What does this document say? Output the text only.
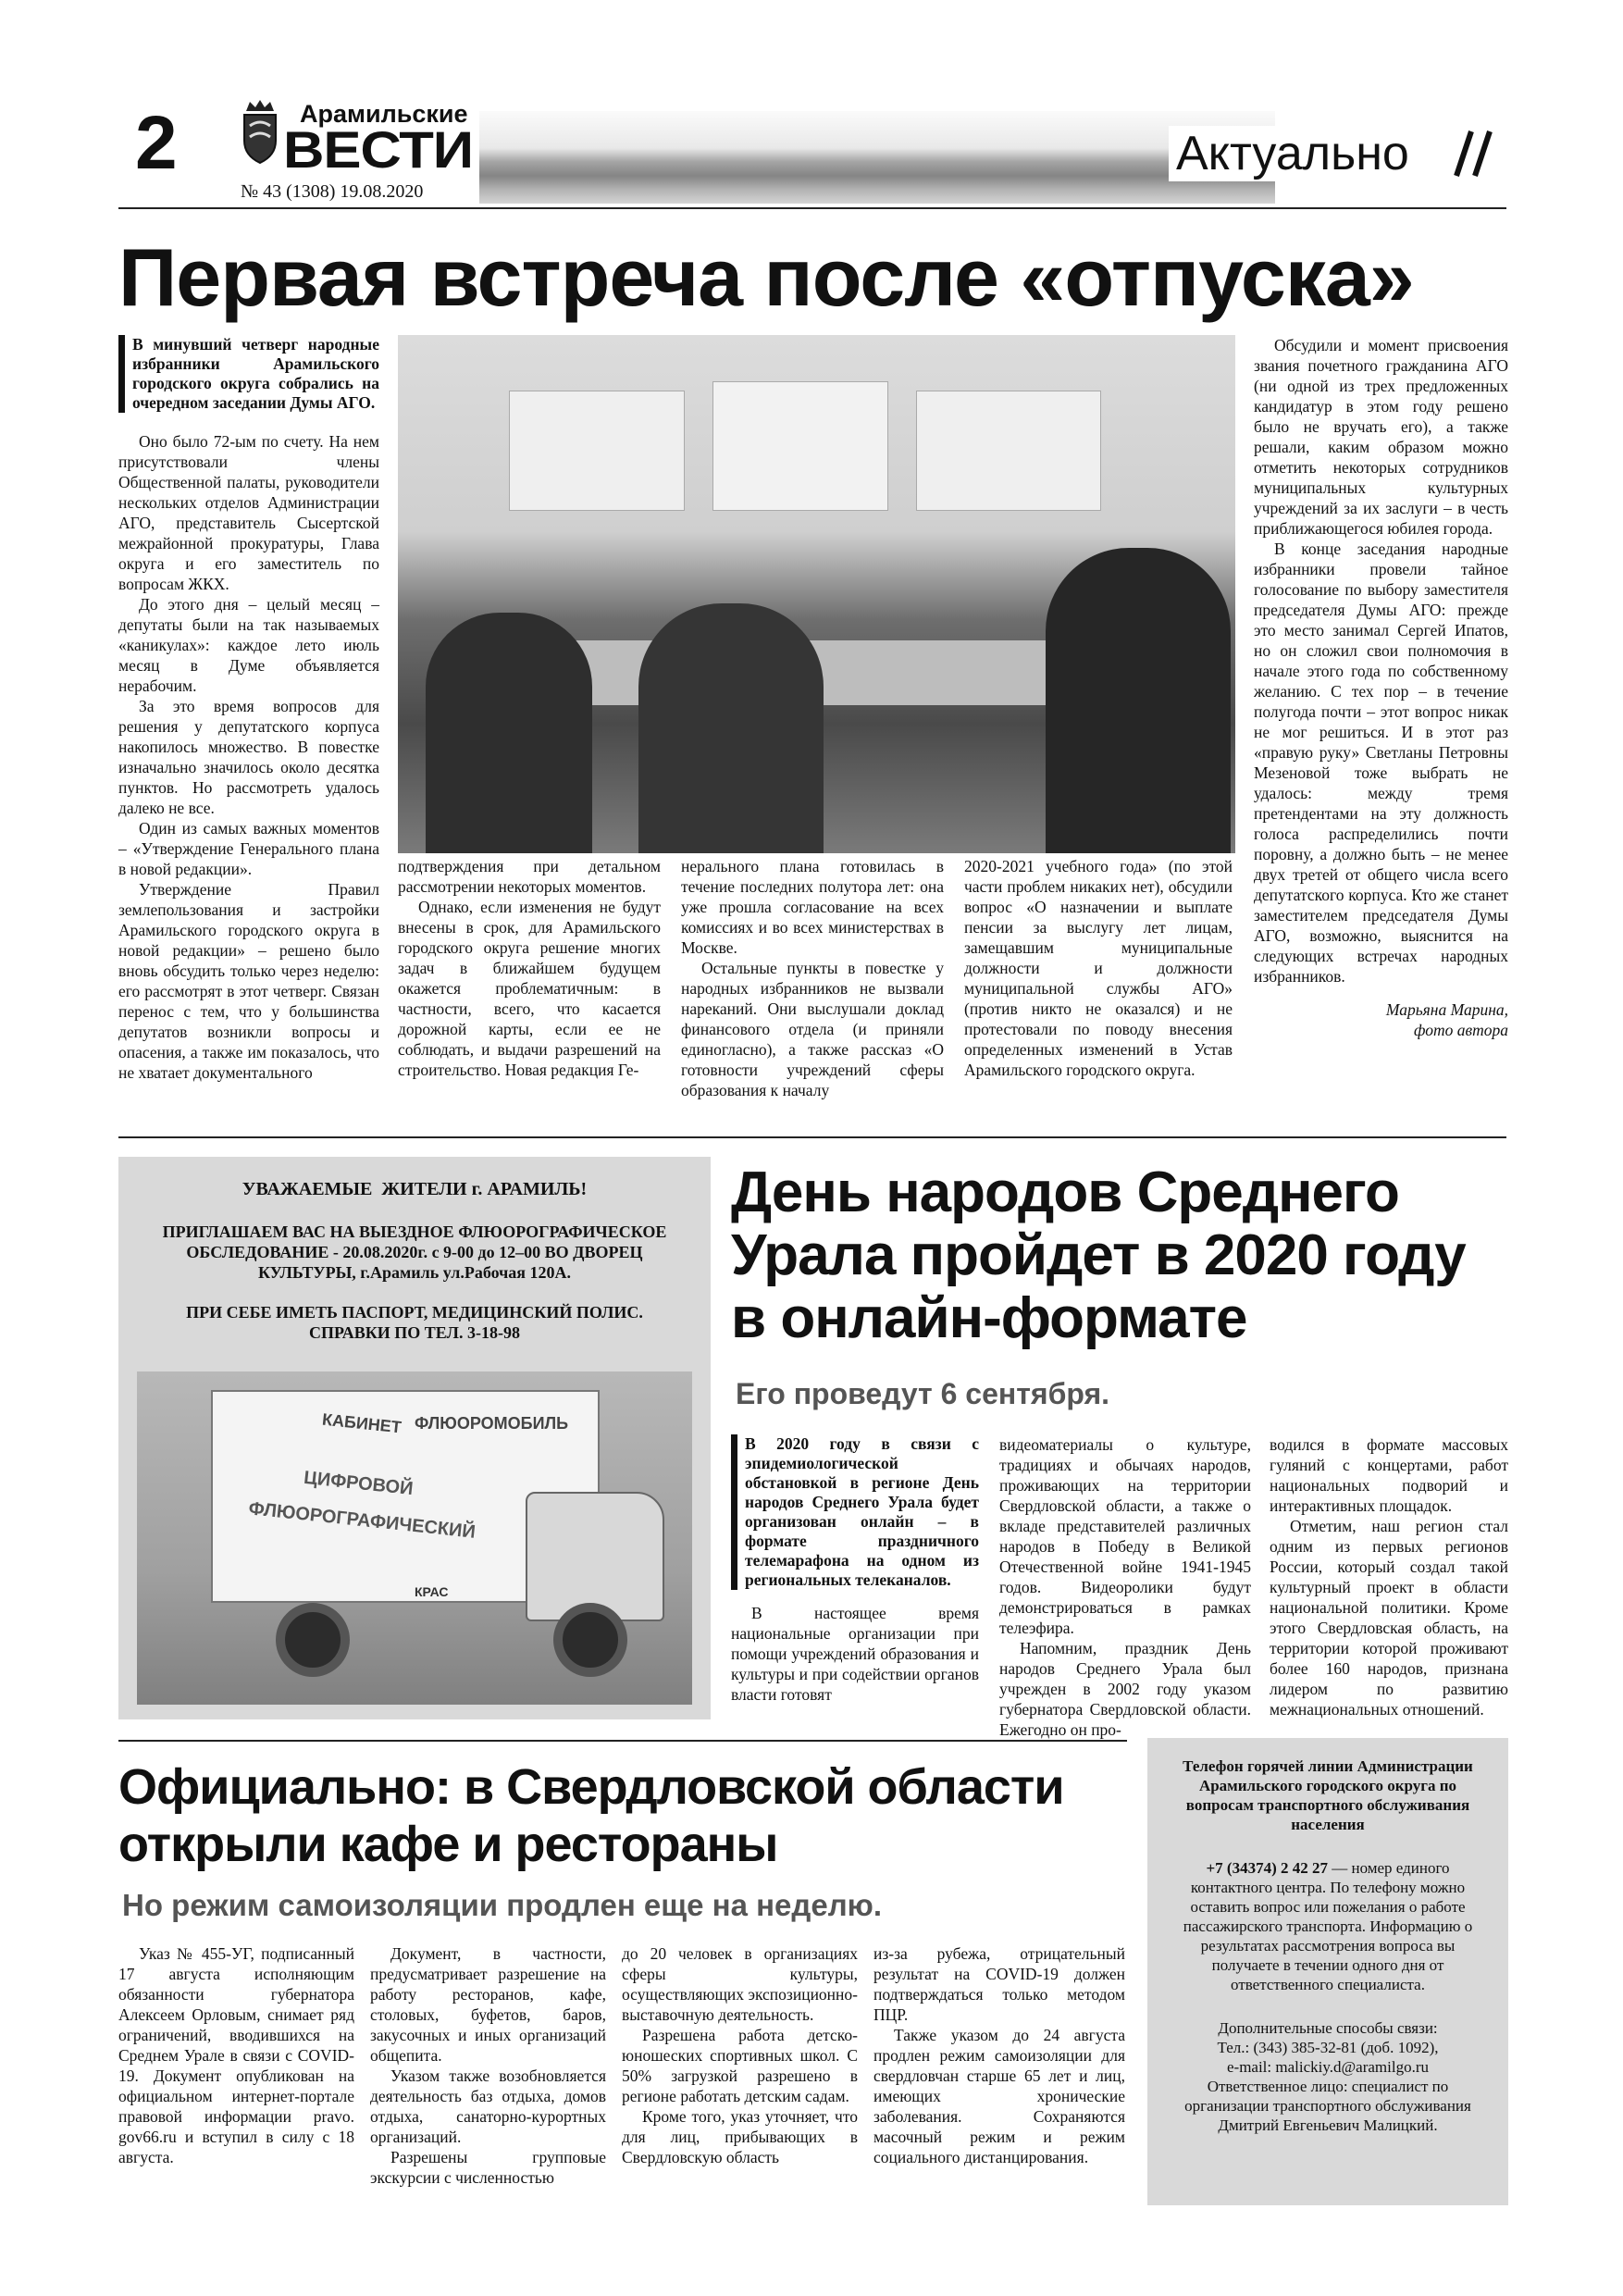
2	Арамильские
ВЕСТИ
№ 43 (1308) 19.08.2020
Актуально
Первая встреча после «отпуска»

В минувший четверг народные избранники Арамильского городского округа собрались на очередном заседании Думы АГО.

Оно было 72-ым по счету. На нем присутствовали члены Общественной палаты, руководители нескольких отделов Администрации АГО, представитель Сысертской межрайонной прокуратуры, Глава округа и его заместитель по вопросам ЖКХ.

До этого дня – целый месяц – депутаты были на так называемых «каникулах»: каждое лето июль месяц в Думе объявляется нерабочим.

За это время вопросов для решения у депутатского корпуса накопилось множество. В повестке изначально значилось около десятка пунктов. Но рассмотреть удалось далеко не все.

Один из самых важных моментов – «Утверждение Генерального плана в новой редакции».

Утверждение Правил землепользования и застройки Арамильского городского округа в новой редакции» – решено было вновь обсудить только через неделю: его рассмотрят в этот четверг. Связан перенос с тем, что у большинства депутатов возникли вопросы и опасения, а также им показалось, что не хватает документального

подтверждения при детальном рассмотрении некоторых моментов.

Однако, если изменения не будут внесены в срок, для Арамильского городского округа решение многих задач в ближайшем будущем окажется проблематичным: в частности, всего, что касается дорожной карты, если ее не соблюдать, и выдачи разрешений на строительство. Новая редакция Ге-

нерального плана готовилась в течение последних полутора лет: она уже прошла согласование на всех комиссиях и во всех министерствах в Москве.

Остальные пункты в повестке у народных избранников не вызвали нареканий. Они выслушали доклад финансового отдела (и приняли единогласно), а также рассказ «О готовности учреждений сферы образования к началу

2020-2021 учебного года» (по этой части проблем никаких нет), обсудили вопрос «О назначении и выплате пенсии за выслугу лет лицам, замещавшим муниципальные должности и должности муниципальной службы АГО» (против никто не оказался) и не протестовали по поводу внесения определенных изменений в Устав Арамильского городского округа.

Обсудили и момент присвоения звания почетного гражданина АГО (ни одной из трех предложенных кандидатур в этом году решено было не вручать его), а также решали, каким образом можно отметить некоторых сотрудников муниципальных культурных учреждений за их заслуги – в честь приближающегося юбилея города.

В конце заседания народные избранники провели тайное голосование по выбору заместителя председателя Думы АГО: прежде это место занимал Сергей Ипатов, но он сложил свои полномочия в начале этого года по собственному желанию. С тех пор – в течение полугода почти – этот вопрос никак не мог решиться. И в этот раз «правую руку» Светланы Петровны Мезеновой тоже выбрать не удалось: между тремя претендентами на эту должность голоса распределились почти поровну, а должно быть – не менее двух третей от общего числа всего депутатского корпуса. Кто же станет заместителем председателя Думы АГО, возможно, выяснится на следующих встречах народных избранников.

Марьяна Марина,
фото автора
УВАЖАЕМЫЕ  ЖИТЕЛИ г. АРАМИЛЬ!
ПРИГЛАШАЕМ ВАС НА ВЫЕЗДНОЕ ФЛЮОРОГРАФИЧЕСКОЕ ОБСЛЕДОВАНИЕ - 20.08.2020г. с 9-00 до 12–00 ВО ДВОРЕЦ КУЛЬТУРЫ, г.Арамиль ул.Рабочая 120А.
ПРИ СЕБЕ ИМЕТЬ ПАСПОРТ, МЕДИЦИНСКИЙ ПОЛИС.
СПРАВКИ ПО ТЕЛ. 3-18-98
КАБИНЕТ ФЛЮОРОМОБИЛЬ
ЦИФРОВОЙ
ФЛЮОРОГРАФИЧЕСКИЙ
КРАС
День народов Среднего Урала пройдет в 2020 году в онлайн-формате
Его проведут 6 сентября.

В 2020 году в связи с эпидемиологической обстановкой в регионе День народов Среднего Урала будет организован онлайн – в формате праздничного телемарафона на одном из региональных телеканалов.

В настоящее время национальные организации при помощи учреждений образования и культуры и при содействии органов власти готовят

видеоматериалы о культуре, традициях и обычаях народов, проживающих на территории Свердловской области, а также о вкладе представителей различных народов в Победу в Великой Отечественной войне 1941-1945 годов. Видеоролики будут демонстрироваться в рамках телеэфира.

Напомним, праздник День народов Среднего Урала был учрежден в 2002 году указом губернатора Свердловской области. Ежегодно он про-

водился в формате массовых гуляний с концертами, работ национальных подворий и интерактивных площадок.

Отметим, наш регион стал одним из первых регионов России, который создал такой культурный проект в области национальной политики. Кроме этого Свердловская область, на территории которой проживают более 160 народов, признана лидером по развитию межнациональных отношений.

Официально: в Свердловской области открыли кафе и рестораны
Но режим самоизоляции продлен еще на неделю.

Указ № 455-УГ, подписанный 17 августа исполняющим обязанности губернатора Алексеем Орловым, снимает ряд ограничений, вводившихся на Среднем Урале в связи с COVID-19. Документ опубликован на официальном интернет-портале правовой информации pravo. gov66.ru и вступил в силу с 18 августа.

Документ, в частности, предусматривает разрешение на работу ресторанов, кафе, столовых, буфетов, баров, закусочных и иных организаций общепита.

Указом также возобновляется деятельность баз отдыха, домов отдыха, санаторно-курортных организаций.

Разрешены групповые экскурсии с численностью

до 20 человек в организациях сферы культуры, осуществляющих экспозиционно-выставочную деятельность.

Разрешена работа детско-юношеских спортивных школ. С 50% загрузкой разрешено в регионе работать детским садам.

Кроме того, указ уточняет, что для лиц, прибывающих в Свердловскую область

из-за рубежа, отрицательный результат на COVID-19 должен подтверждаться только методом ПЦР.

Также указом до 24 августа продлен режим самоизоляции для свердловчан старше 65 лет и лиц, имеющих хронические заболевания. Сохраняются масочный режим и режим социального дистанцирования.

Телефон горячей линии Администрации Арамильского городского округа по вопросам транспортного обслуживания населения
+7 (34374) 2 42 27 — номер единого контактного центра. По телефону можно оставить вопрос или пожелания о работе пассажирского транспорта. Информацию о результатах рассмотрения вопроса вы получаете в течении одного дня от ответственного специалиста.
Дополнительные способы связи:
Тел.: (343) 385-32-81 (доб. 1092),
e-mail: malickiy.d@aramilgo.ru
Ответственное лицо: специалист по организации транспортного обслуживания Дмитрий Евгеньевич Малицкий.
